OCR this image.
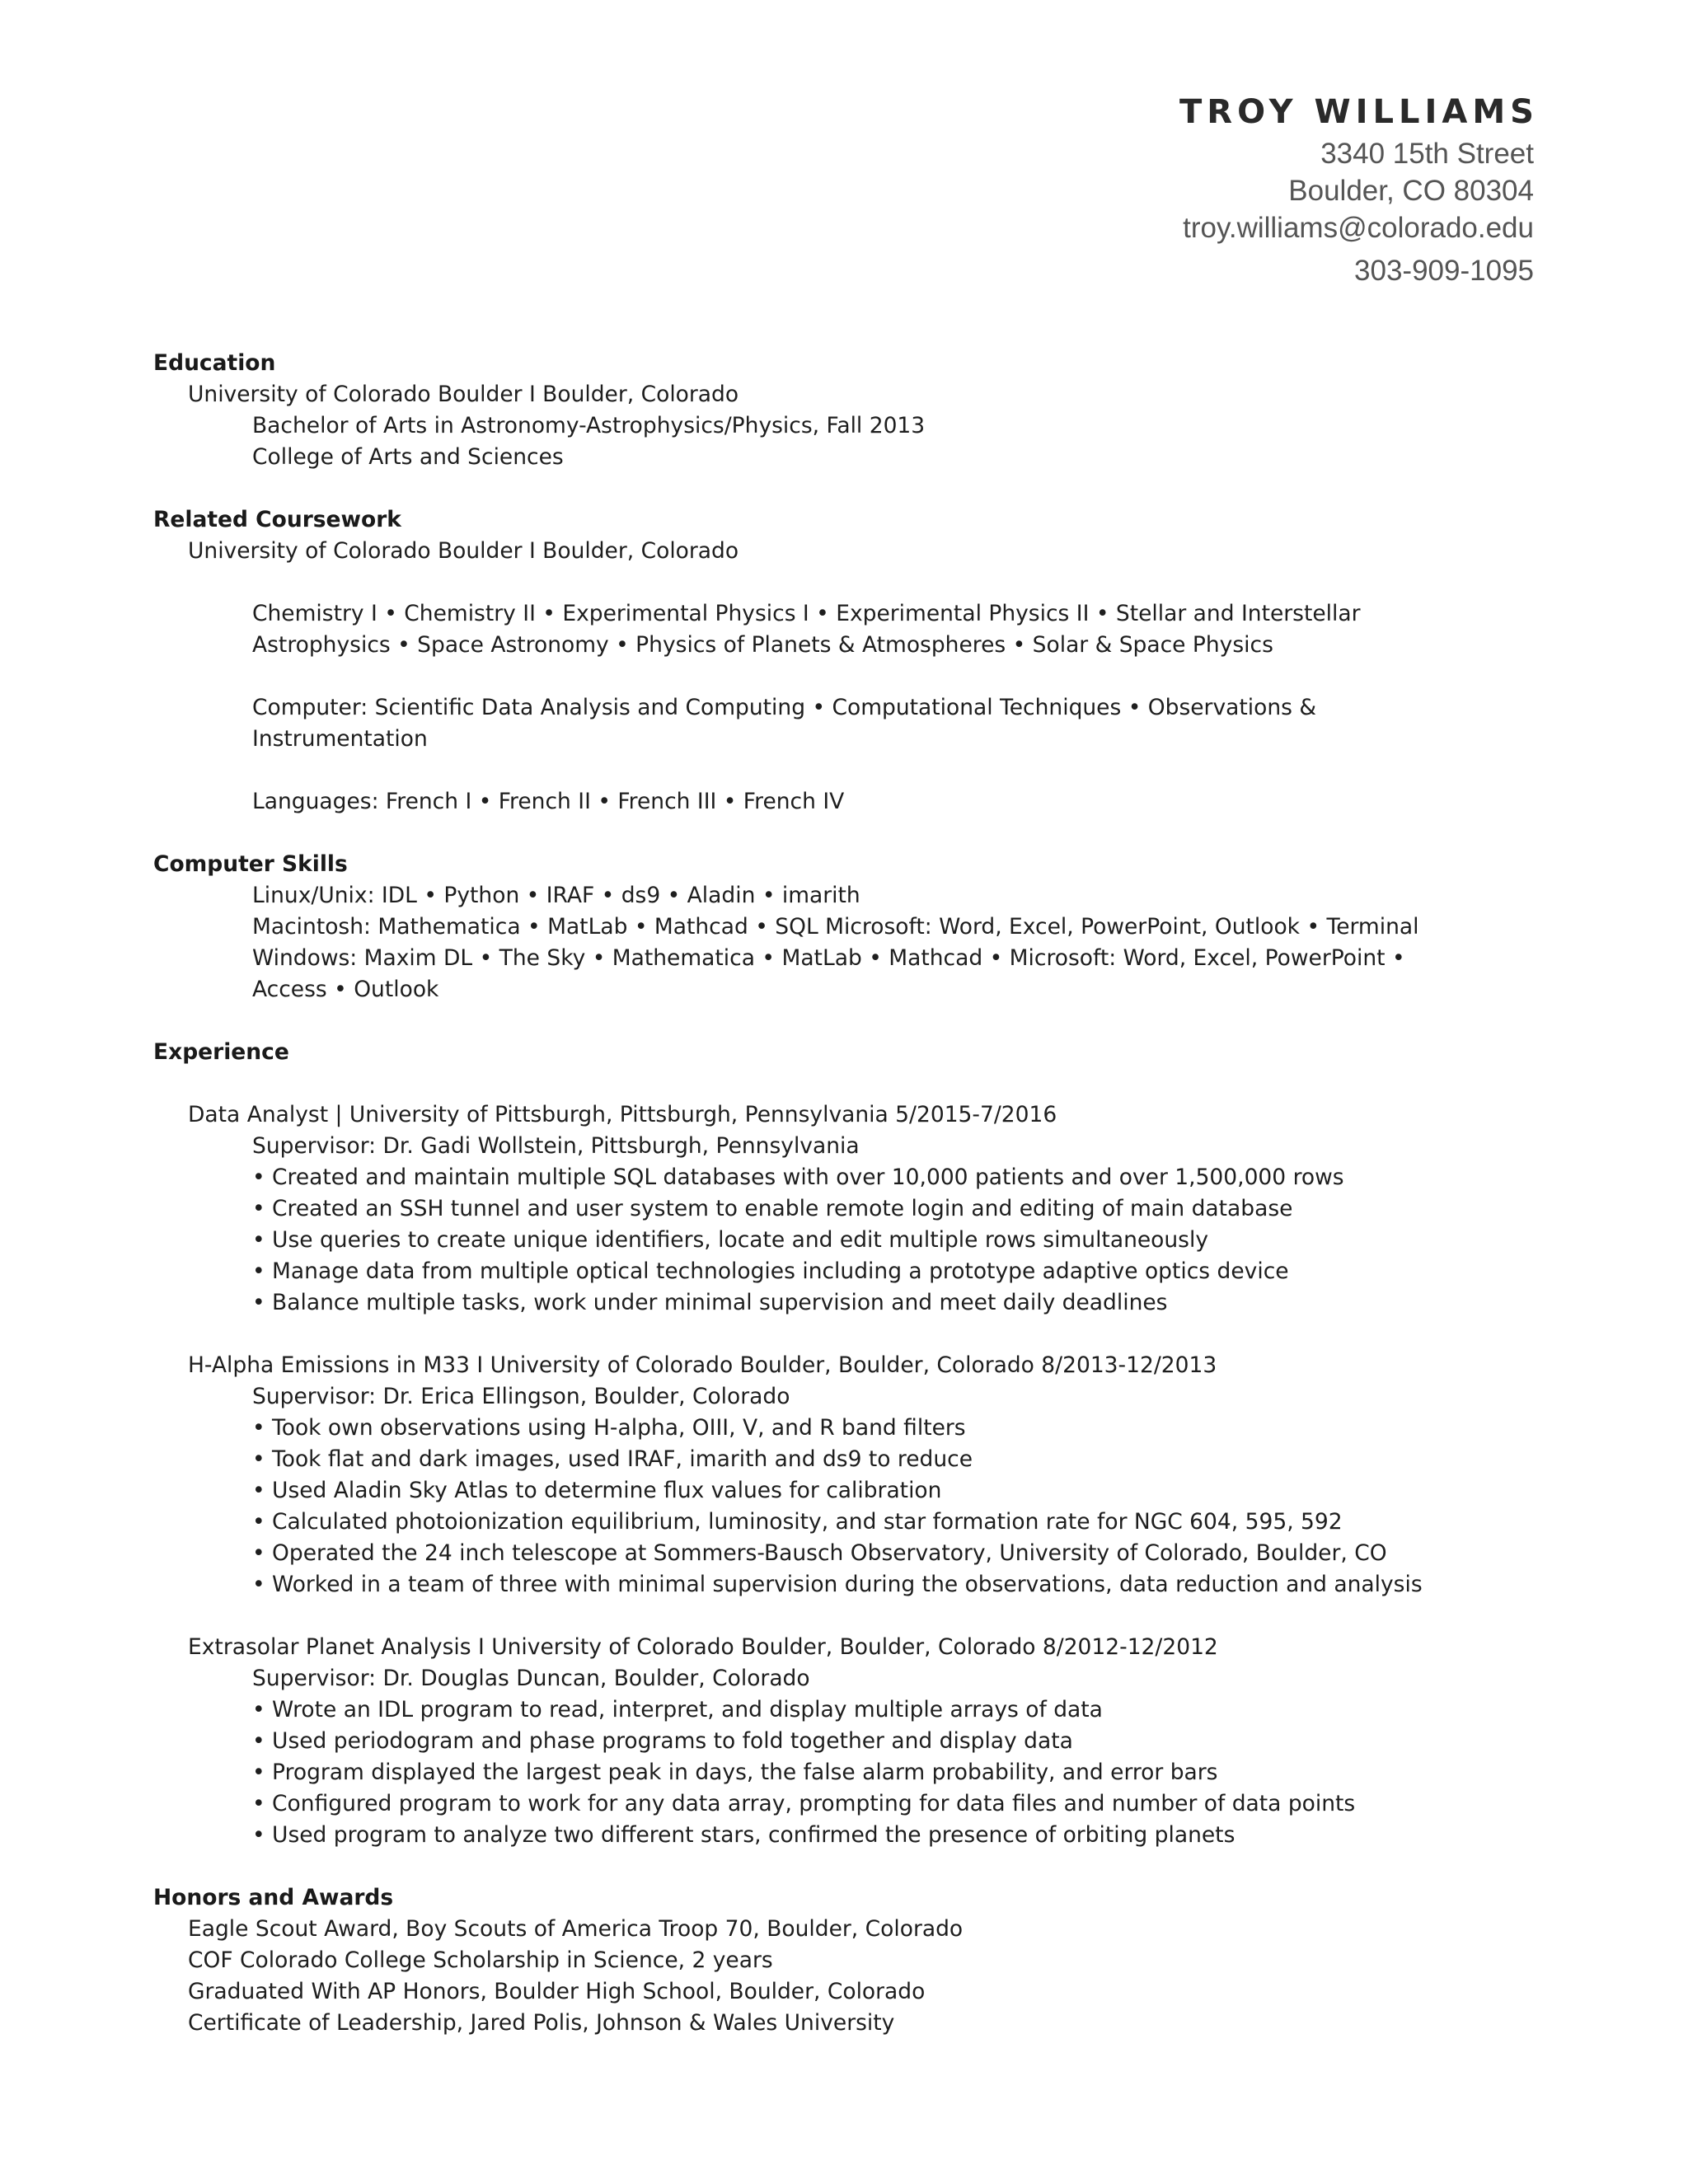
TROY WILLIAMS
3340 15th Street
Boulder, CO 80304
troy.williams@colorado.edu
303-909-1095
Education
University of Colorado Boulder I Boulder, Colorado
Bachelor of Arts in Astronomy-Astrophysics/Physics, Fall 2013
College of Arts and Sciences
Related Coursework
University of Colorado Boulder I Boulder, Colorado
Chemistry I • Chemistry II • Experimental Physics I • Experimental Physics II • Stellar and Interstellar
Astrophysics • Space Astronomy • Physics of Planets & Atmospheres • Solar & Space Physics
Computer: Scientific Data Analysis and Computing • Computational Techniques • Observations &
Instrumentation
Languages: French I • French II • French III • French IV
Computer Skills
Linux/Unix: IDL • Python • IRAF • ds9 • Aladin • imarith
Macintosh: Mathematica • MatLab • Mathcad • SQL Microsoft: Word, Excel, PowerPoint, Outlook • Terminal
Windows: Maxim DL • The Sky • Mathematica • MatLab • Mathcad • Microsoft: Word, Excel, PowerPoint •
Access • Outlook
Experience
Data Analyst | University of Pittsburgh, Pittsburgh, Pennsylvania 5/2015-7/2016
Supervisor: Dr. Gadi Wollstein, Pittsburgh, Pennsylvania
• Created and maintain multiple SQL databases with over 10,000 patients and over 1,500,000 rows
• Created an SSH tunnel and user system to enable remote login and editing of main database
• Use queries to create unique identifiers, locate and edit multiple rows simultaneously
• Manage data from multiple optical technologies including a prototype adaptive optics device
• Balance multiple tasks, work under minimal supervision and meet daily deadlines
H-Alpha Emissions in M33 I University of Colorado Boulder, Boulder, Colorado 8/2013-12/2013
Supervisor: Dr. Erica Ellingson, Boulder, Colorado
• Took own observations using H-alpha, OIII, V, and R band filters
• Took flat and dark images, used IRAF, imarith and ds9 to reduce
• Used Aladin Sky Atlas to determine flux values for calibration
• Calculated photoionization equilibrium, luminosity, and star formation rate for NGC 604, 595, 592
• Operated the 24 inch telescope at Sommers-Bausch Observatory, University of Colorado, Boulder, CO
• Worked in a team of three with minimal supervision during the observations, data reduction and analysis
Extrasolar Planet Analysis I University of Colorado Boulder, Boulder, Colorado 8/2012-12/2012
Supervisor: Dr. Douglas Duncan, Boulder, Colorado
• Wrote an IDL program to read, interpret, and display multiple arrays of data
• Used periodogram and phase programs to fold together and display data
• Program displayed the largest peak in days, the false alarm probability, and error bars
• Configured program to work for any data array, prompting for data files and number of data points
• Used program to analyze two different stars, confirmed the presence of orbiting planets
Honors and Awards
Eagle Scout Award, Boy Scouts of America Troop 70, Boulder, Colorado
COF Colorado College Scholarship in Science, 2 years
Graduated With AP Honors, Boulder High School, Boulder, Colorado
Certificate of Leadership, Jared Polis, Johnson & Wales University
